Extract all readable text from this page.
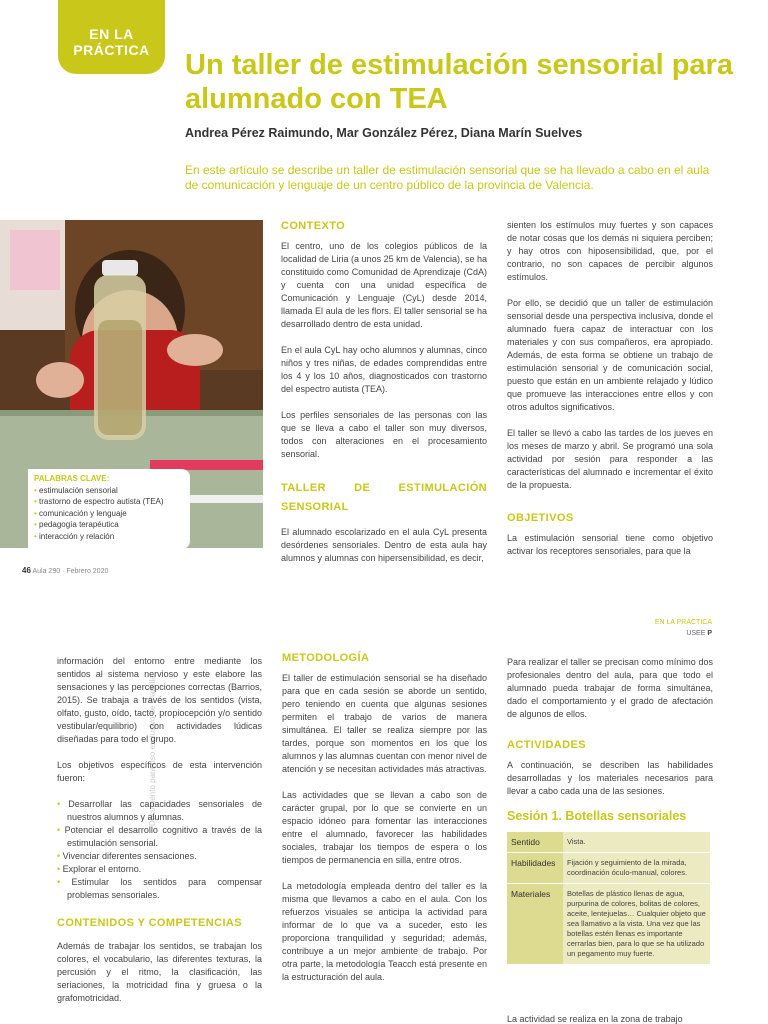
EN LA
PRÁCTICA	Un taller de estimulación sensorial para alumnado con TEA
Andrea Pérez Raimundo, Mar González Pérez, Diana Marín Suelves

En este artículo se describe un taller de estimulación sensorial que se ha llevado a cabo en el aula de comunicación y lenguaje de un centro público de la provincia de Valencia.

PALABRAS CLAVE:
• estimulación sensorial
• trastorno de espectro autista (TEA)
• comunicación y lenguaje
• pedagogía terapéutica
• interacción y relación
CONTEXTO

El centro, uno de los colegios públicos de la localidad de Liria (a unos 25 km de Valencia), se ha constituido como Comunidad de Aprendizaje (CdA) y cuenta con una unidad específica de Comunicación y Lenguaje (CyL) desde 2014, llamada El aula de les flors. El taller sensorial se ha desarrollado dentro de esta unidad.

En el aula CyL hay ocho alumnos y alumnas, cinco niños y tres niñas, de edades comprendidas entre los 4 y los 10 años, diagnosticados con trastorno del espectro autista (TEA).

Los perfiles sensoriales de las personas con las que se lleva a cabo el taller son muy diversos, todos con alteraciones en el procesamiento sensorial.

TALLER DE ESTIMULACIÓN SENSORIAL

El alumnado escolarizado en el aula CyL presenta desórdenes sensoriales. Dentro de esta aula hay alumnos y alumnas con hipersensibilidad, es decir,

sienten los estímulos muy fuertes y son capaces de notar cosas que los demás ni siquiera perciben; y hay otros con hiposensibilidad, que, por el contrario, no son capaces de percibir algunos estímulos.

Por ello, se decidió que un taller de estimulación sensorial desde una perspectiva inclusiva, donde el alumnado fuera capaz de interactuar con los materiales y con sus compañeros, era apropiado. Además, de esta forma se obtiene un trabajo de estimulación sensorial y de comunicación social, puesto que están en un ambiente relajado y lúdico que promueve las interacciones entre ellos y con otros adultos significativos.

El taller se llevó a cabo las tardes de los jueves en los meses de marzo y abril. Se programó una sola actividad por sesión para responder a las características del alumnado e incrementar el éxito de la propuesta.

OBJETIVOS

La estimulación sensorial tiene como objetivo activar los receptores sensoriales, para que la

46 Aula 290 · Febrero 2020
EN LA PRÁCTICA
USEE P
Documento para uso exclusivo de Plantilla

información del entorno entre mediante los sentidos al sistema nervioso y este elabore las sensaciones y las percepciones correctas (Barrios, 2015). Se trabaja a través de los sentidos (vista, olfato, gusto, oído, tacto, propiocepción y/o sentido vestibular/equilibrio) con actividades lúdicas diseñadas para todo el grupo.

Los objetivos específicos de esta intervención fueron:

• Desarrollar las capacidades sensoriales de nuestros alumnos y alumnas.
• Potenciar el desarrollo cognitivo a través de la estimulación sensorial.
• Vivenciar diferentes sensaciones.
• Explorar el entorno.
• Estimular los sentidos para compensar problemas sensoriales.
CONTENIDOS Y COMPETENCIAS

Además de trabajar los sentidos, se trabajan los colores, el vocabulario, las diferentes texturas, la percusión y el ritmo, la clasificación, las seriaciones, la motricidad fina y gruesa o la grafomotricidad.

METODOLOGÍA

El taller de estimulación sensorial se ha diseñado para que en cada sesión se aborde un sentido, pero teniendo en cuenta que algunas sesiones permiten el trabajo de varios de manera simultánea. El taller se realiza siempre por las tardes, porque son momentos en los que los alumnos y las alumnas cuentan con menor nivel de atención y se necesitan actividades más atractivas.

Las actividades que se llevan a cabo son de carácter grupal, por lo que se convierte en un espacio idóneo para fomentar las interacciones entre el alumnado, favorecer las habilidades sociales, trabajar los tiempos de espera o los tiempos de permanencia en silla, entre otros.

La metodología empleada dentro del taller es la misma que llevamos a cabo en el aula. Con los refuerzos visuales se anticipa la actividad para informar de lo que va a suceder, esto les proporciona tranquilidad y seguridad; además, contribuye a un mejor ambiente de trabajo. Por otra parte, la metodología Teacch está presente en la estructuración del aula.

Para realizar el taller se precisan como mínimo dos profesionales dentro del aula, para que todo el alumnado pueda trabajar de forma simultánea, dado el comportamiento y el grado de afectación de algunos de ellos.

ACTIVIDADES

A continuación, se describen las habilidades desarrolladas y los materiales necesarios para llevar a cabo cada una de las sesiones.

Sesión 1. Botellas sensoriales
Sentido	Vista.
Habilidades	Fijación y seguimiento de la mirada, coordinación óculo-manual, colores.
Materiales	Botellas de plástico llenas de agua, purpurina de colores, bolitas de colores, aceite, lentejuelas… Cualquier objeto que sea llamativo a la vista. Una vez que las botellas estén llenas es importante cerrarlas bien, para lo que se ha utilizado un pegamento muy fuerte.

La actividad se realiza en la zona de trabajo
